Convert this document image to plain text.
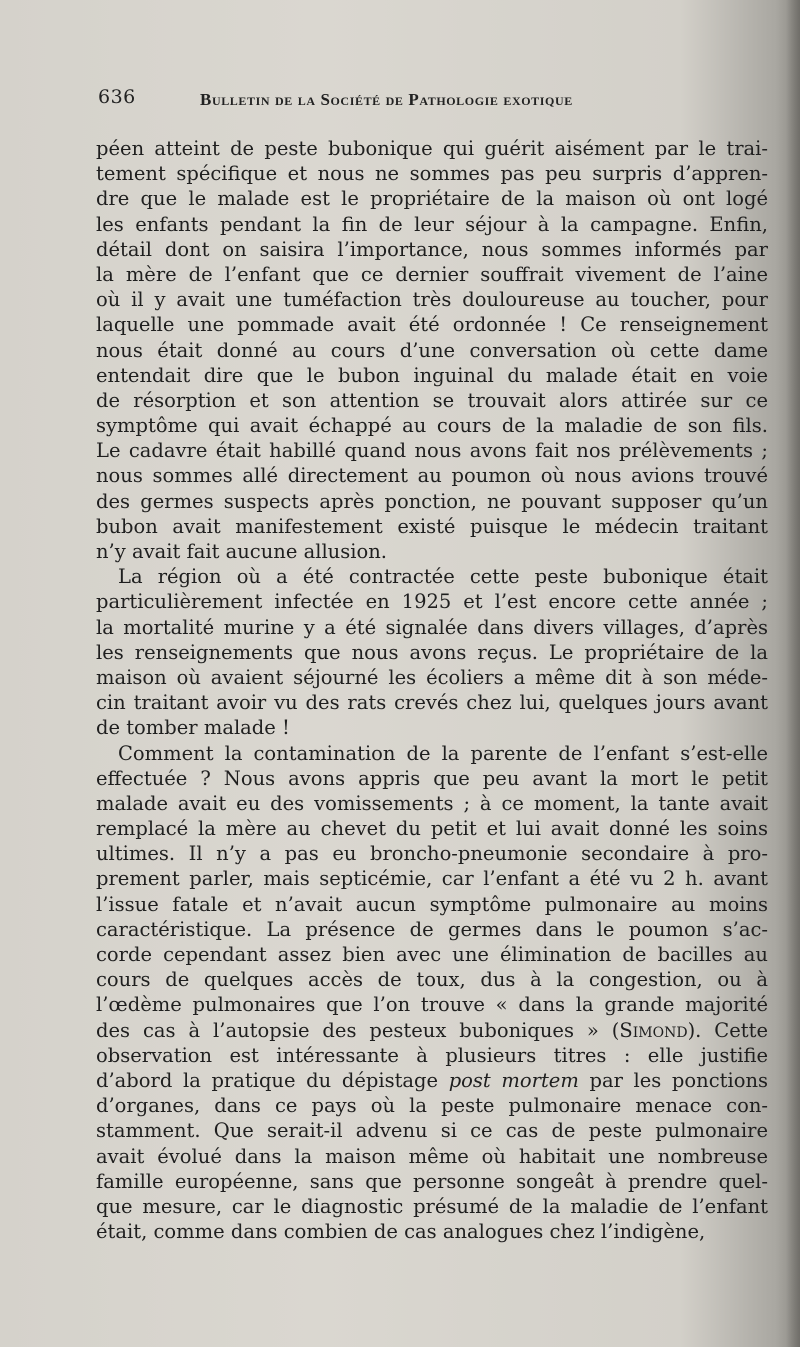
636	Bulletin de la Société de Pathologie exotique
péen atteint de peste bubonique qui guérit aisément par le trai-
tement spécifique et nous ne sommes pas peu surpris d’appren-
dre que le malade est le propriétaire de la maison où ont logé
les enfants pendant la fin de leur séjour à la campagne. Enfin,
détail dont on saisira l’importance, nous sommes informés par
la mère de l’enfant que ce dernier souffrait vivement de l’aine
où il y avait une tuméfaction très douloureuse au toucher, pour
laquelle une pommade avait été ordonnée ! Ce renseignement
nous était donné au cours d’une conversation où cette dame
entendait dire que le bubon inguinal du malade était en voie
de résorption et son attention se trouvait alors attirée sur ce
symptôme qui avait échappé au cours de la maladie de son fils.
Le cadavre était habillé quand nous avons fait nos prélèvements ;
nous sommes allé directement au poumon où nous avions trouvé
des germes suspects après ponction, ne pouvant supposer qu’un
bubon avait manifestement existé puisque le médecin traitant
n’y avait fait aucune allusion.
La région où a été contractée cette peste bubonique était
particulièrement infectée en 1925 et l’est encore cette année ;
la mortalité murine y a été signalée dans divers villages, d’après
les renseignements que nous avons reçus. Le propriétaire de la
maison où avaient séjourné les écoliers a même dit à son méde-
cin traitant avoir vu des rats crevés chez lui, quelques jours avant
de tomber malade !
Comment la contamination de la parente de l’enfant s’est-elle
effectuée ? Nous avons appris que peu avant la mort le petit
malade avait eu des vomissements ; à ce moment, la tante avait
remplacé la mère au chevet du petit et lui avait donné les soins
ultimes. Il n’y a pas eu broncho-pneumonie secondaire à pro-
prement parler, mais septicémie, car l’enfant a été vu 2 h. avant
l’issue fatale et n’avait aucun symptôme pulmonaire au moins
caractéristique. La présence de germes dans le poumon s’ac-
corde cependant assez bien avec une élimination de bacilles au
cours de quelques accès de toux, dus à la congestion, ou à
l’œdème pulmonaires que l’on trouve « dans la grande majorité
des cas à l’autopsie des pesteux buboniques » (Simond). Cette
observation est intéressante à plusieurs titres : elle justifie
d’abord la pratique du dépistage post mortem par les ponctions
d’organes, dans ce pays où la peste pulmonaire menace con-
stamment. Que serait-il advenu si ce cas de peste pulmonaire
avait évolué dans la maison même où habitait une nombreuse
famille européenne, sans que personne songeât à prendre quel-
que mesure, car le diagnostic présumé de la maladie de l’enfant
était, comme dans combien de cas analogues chez l’indigène,
